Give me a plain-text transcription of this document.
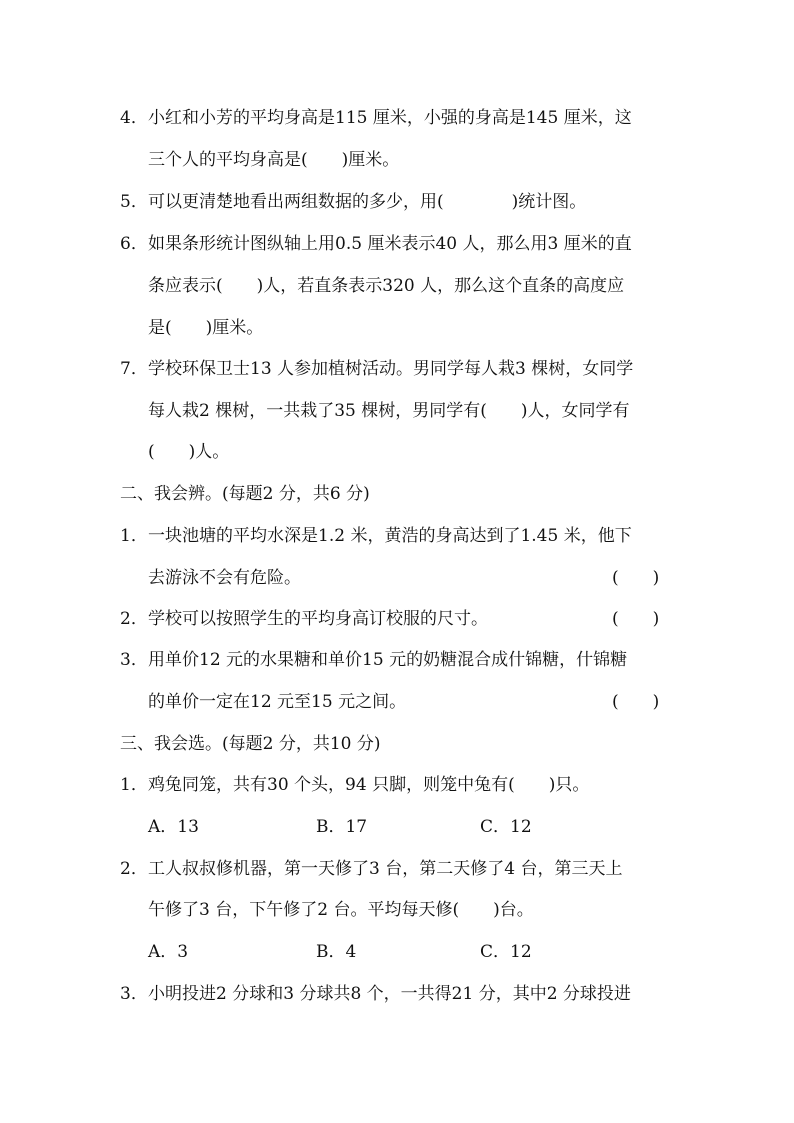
4． 小红和小芳的平均身高是115 厘米，小强的身高是145 厘米，这
三个人的平均身高是(　　)厘米。
5． 可以更清楚地看出两组数据的多少，用(　　　　)统计图。
6． 如果条形统计图纵轴上用0.5 厘米表示40 人，那么用3 厘米的直
条应表示(　　)人，若直条表示320 人，那么这个直条的高度应
是(　　)厘米。
7． 学校环保卫士13 人参加植树活动。男同学每人栽3 棵树，女同学
每人栽2 棵树，一共栽了35 棵树，男同学有(　　)人，女同学有
(　　)人。
二、我会辨。(每题2 分，共6 分)
1． 一块池塘的平均水深是1.2 米，黄浩的身高达到了1.45 米，他下
去游泳不会有危险。	(　　)
2． 学校可以按照学生的平均身高订校服的尺寸。	(　　)
3． 用单价12 元的水果糖和单价15 元的奶糖混合成什锦糖，什锦糖
的单价一定在12 元至15 元之间。	(　　)
三、我会选。(每题2 分，共10 分)
1． 鸡兔同笼，共有30 个头，94 只脚，则笼中兔有(　　)只。
A．13	B．17	C．12
2． 工人叔叔修机器，第一天修了3 台，第二天修了4 台，第三天上
午修了3 台，下午修了2 台。平均每天修(　　)台。
A．3	B．4	C．12
3． 小明投进2 分球和3 分球共8 个，一共得21 分，其中2 分球投进
